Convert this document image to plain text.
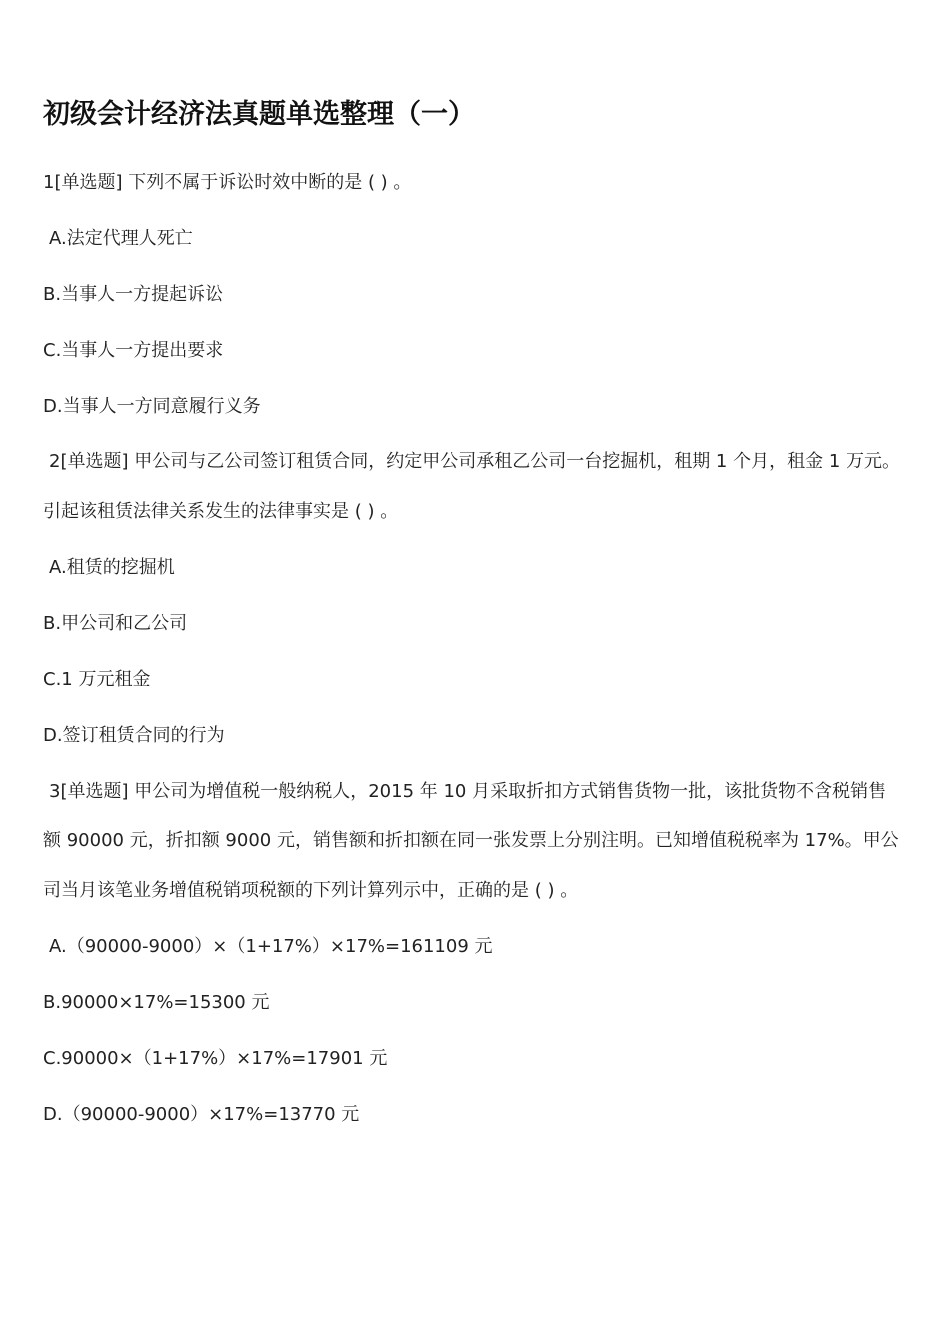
初级会计经济法真题单选整理（一）

1[单选题] 下列不属于诉讼时效中断的是 ( ) 。

A.法定代理人死亡

B.当事人一方提起诉讼

C.当事人一方提出要求

D.当事人一方同意履行义务

2[单选题] 甲公司与乙公司签订租赁合同，约定甲公司承租乙公司一台挖掘机，租期 1 个月，租金 1 万元。

引起该租赁法律关系发生的法律事实是 ( ) 。

A.租赁的挖掘机

B.甲公司和乙公司

C.1 万元租金

D.签订租赁合同的行为

3[单选题] 甲公司为增值税一般纳税人，2015 年 10 月采取折扣方式销售货物一批，该批货物不含税销售

额 90000 元，折扣额 9000 元，销售额和折扣额在同一张发票上分别注明。已知增值税税率为 17%。甲公

司当月该笔业务增值税销项税额的下列计算列示中，正确的是 ( ) 。

A.（90000-9000）×（1+17%）×17%=161109 元

B.90000×17%=15300 元

C.90000×（1+17%）×17%=17901 元

D.（90000-9000）×17%=13770 元
